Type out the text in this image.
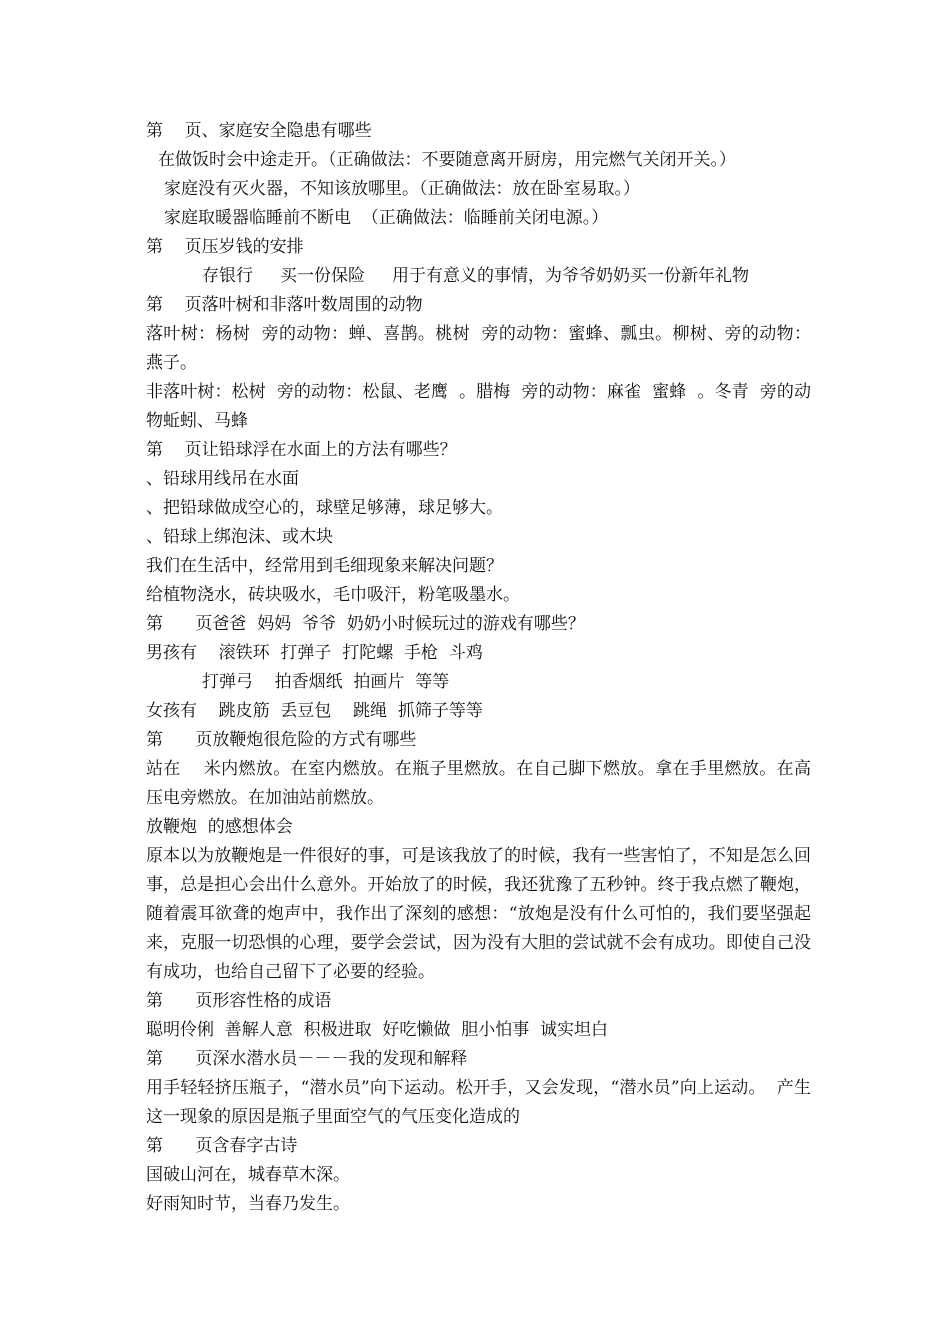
第    页、家庭安全隐患有哪些
在做饭时会中途走开。（正确做法：不要随意离开厨房，用完燃气关闭开关。）
家庭没有灭火器，不知该放哪里。（正确做法：放在卧室易取。）
家庭取暖器临睡前不断电  （正确做法：临睡前关闭电源。）
第    页压岁钱的安排
存银行     买一份保险     用于有意义的事情，为爷爷奶奶买一份新年礼物
第    页落叶树和非落叶数周围的动物
落叶树：杨树  旁的动物：蝉、喜鹊。桃树  旁的动物：蜜蜂、瓢虫。柳树、旁的动物：燕子。
非落叶树：松树  旁的动物：松鼠、老鹰  。腊梅  旁的动物：麻雀  蜜蜂  。冬青  旁的动物蚯蚓、马蜂
第    页让铅球浮在水面上的方法有哪些？
、铅球用线吊在水面
、把铅球做成空心的，球壁足够薄，球足够大。
、铅球上绑泡沫、或木块
我们在生活中，经常用到毛细现象来解决问题？
给植物浇水，砖块吸水，毛巾吸汗，粉笔吸墨水。
第      页爸爸  妈妈  爷爷  奶奶小时候玩过的游戏有哪些？
男孩有    滚铁环  打弹子  打陀螺  手枪  斗鸡
打弹弓    拍香烟纸  拍画片  等等
女孩有    跳皮筋  丢豆包    跳绳  抓筛子等等
第      页放鞭炮很危险的方式有哪些
站在    米内燃放。在室内燃放。在瓶子里燃放。在自己脚下燃放。拿在手里燃放。在高压电旁燃放。在加油站前燃放。
放鞭炮  的感想体会
原本以为放鞭炮是一件很好的事，可是该我放了的时候，我有一些害怕了，不知是怎么回事，总是担心会出什么意外。开始放了的时候，我还犹豫了五秒钟。终于我点燃了鞭炮，随着震耳欲聋的炮声中，我作出了深刻的感想：“放炮是没有什么可怕的，我们要坚强起来，克服一切恐惧的心理，要学会尝试，因为没有大胆的尝试就不会有成功。即使自己没有成功，也给自己留下了必要的经验。
第      页形容性格的成语
聪明伶俐  善解人意  积极进取  好吃懒做  胆小怕事  诚实坦白
第      页深水潜水员－－－我的发现和解释
用手轻轻挤压瓶子，“潜水员”向下运动。松开手，又会发现，“潜水员”向上运动。  产生这一现象的原因是瓶子里面空气的气压变化造成的
第      页含春字古诗
国破山河在，城春草木深。
好雨知时节，当春乃发生。
